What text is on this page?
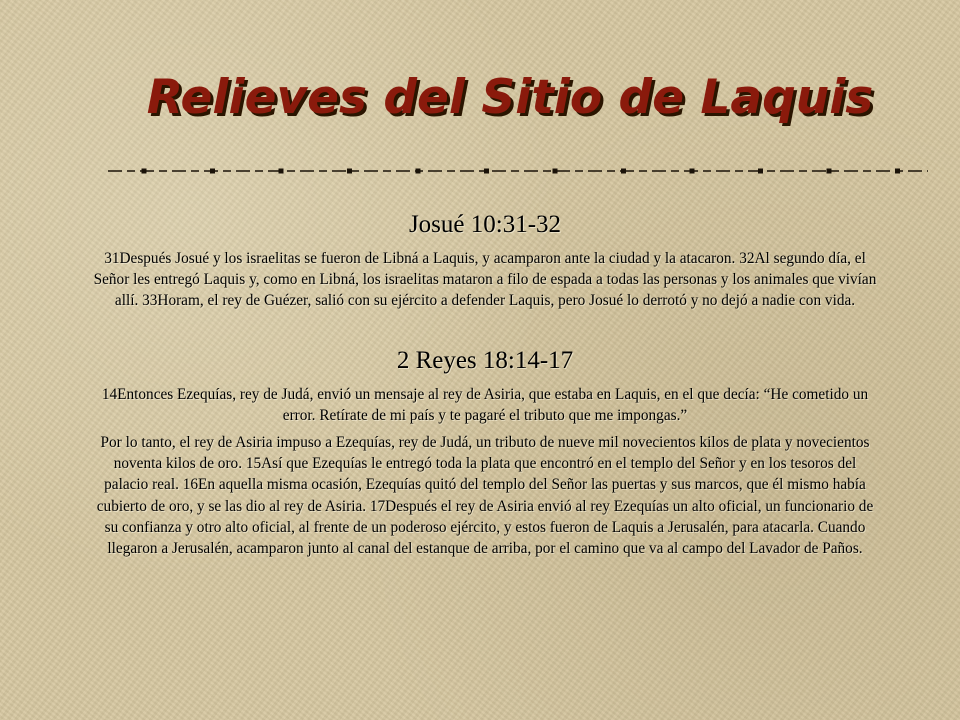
Relieves del Sitio de Laquis
Josué 10:31-32

31Después Josué y los israelitas se fueron de Libná a Laquis, y acamparon ante la ciudad y la atacaron. 32Al segundo día, el Señor les entregó Laquis y, como en Libná, los israelitas mataron a filo de espada a todas las personas y los animales que vivían allí. 33Horam, el rey de Guézer, salió con su ejército a defender Laquis, pero Josué lo derrotó y no dejó a nadie con vida.

2 Reyes 18:14-17

14Entonces Ezequías, rey de Judá, envió un mensaje al rey de Asiria, que estaba en Laquis, en el que decía: “He cometido un error. Retírate de mi país y te pagaré el tributo que me impongas.”

Por lo tanto, el rey de Asiria impuso a Ezequías, rey de Judá, un tributo de nueve mil novecientos kilos de plata y novecientos noventa kilos de oro. 15Así que Ezequías le entregó toda la plata que encontró en el templo del Señor y en los tesoros del palacio real. 16En aquella misma ocasión, Ezequías quitó del templo del Señor las puertas y sus marcos, que él mismo había cubierto de oro, y se las dio al rey de Asiria. 17Después el rey de Asiria envió al rey Ezequías un alto oficial, un funcionario de su confianza y otro alto oficial, al frente de un poderoso ejército, y estos fueron de Laquis a Jerusalén, para atacarla. Cuando llegaron a Jerusalén, acamparon junto al canal del estanque de arriba, por el camino que va al campo del Lavador de Paños.
